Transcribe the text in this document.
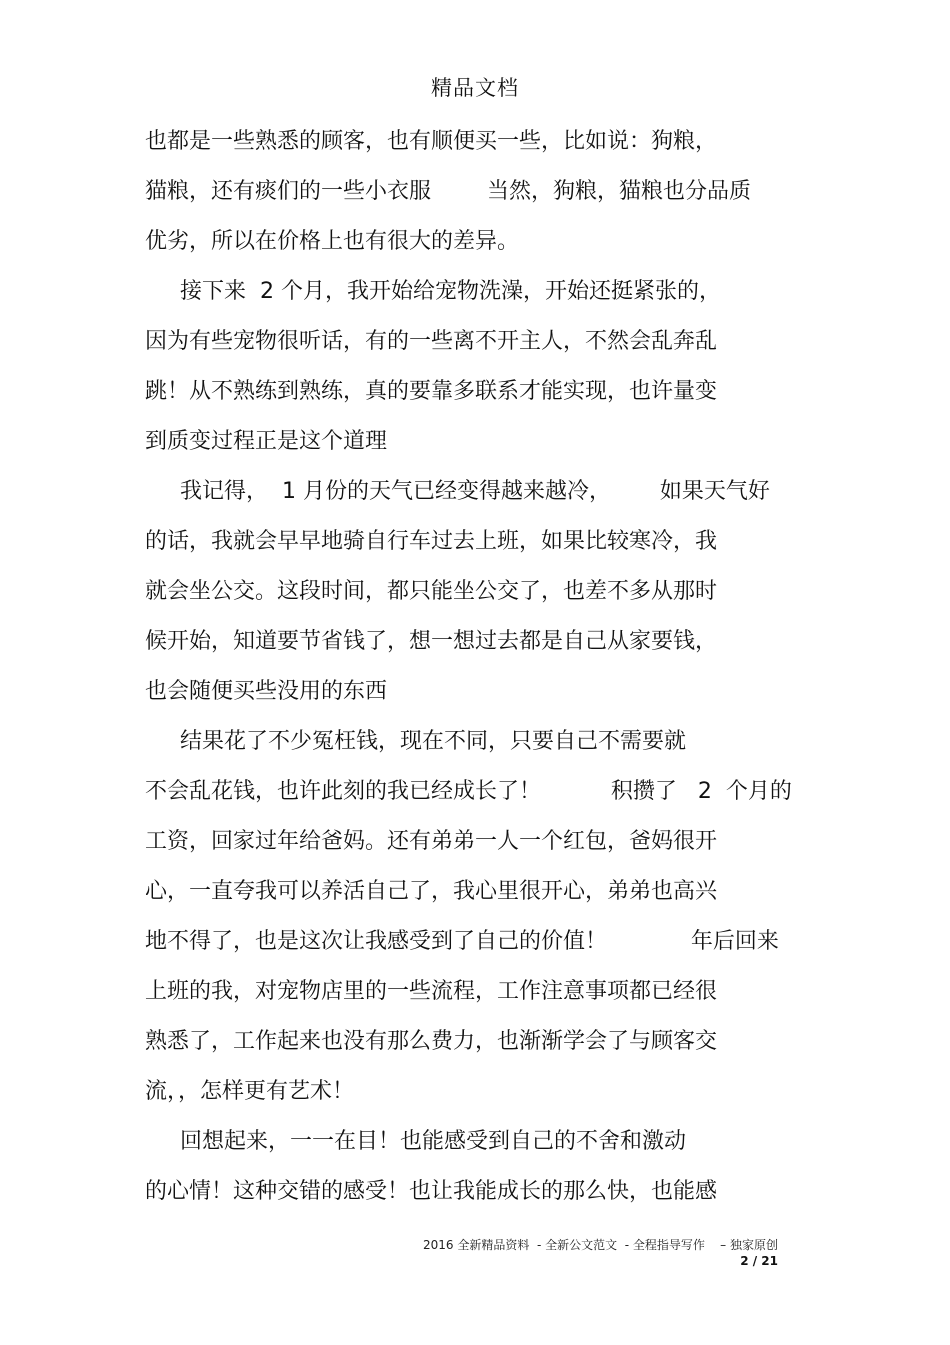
精品文档
也都是一些熟悉的顾客，也有顺便买一些，比如说：狗粮，
猫粮，还有痰们的一些小衣服        当然，狗粮，猫粮也分品质
优劣，所以在价格上也有很大的差异。
接下来  2 个月，我开始给宠物洗澡，开始还挺紧张的，
因为有些宠物很听话，有的一些离不开主人，不然会乱奔乱
跳！从不熟练到熟练，真的要靠多联系才能实现，也许量变
到质变过程正是这个道理
我记得，  1 月份的天气已经变得越来越冷，       如果天气好
的话，我就会早早地骑自行车过去上班，如果比较寒冷，我
就会坐公交。这段时间，都只能坐公交了，也差不多从那时
候开始，知道要节省钱了，想一想过去都是自己从家要钱，
也会随便买些没用的东西
结果花了不少冤枉钱，现在不同，只要自己不需要就
不会乱花钱，也许此刻的我已经成长了！          积攒了   2  个月的
工资，回家过年给爸妈。还有弟弟一人一个红包，爸妈很开
心，一直夸我可以养活自己了，我心里很开心，弟弟也高兴
地不得了，也是这次让我感受到了自己的价值！            年后回来
上班的我，对宠物店里的一些流程，工作注意事项都已经很
熟悉了，工作起来也没有那么费力，也渐渐学会了与顾客交
流，，怎样更有艺术！
回想起来，一一在目！也能感受到自己的不舍和激动
的心情！这种交错的感受！也让我能成长的那么快，也能感
2016 全新精品资料  - 全新公文范文  - 全程指导写作    – 独家原创
2 / 21
